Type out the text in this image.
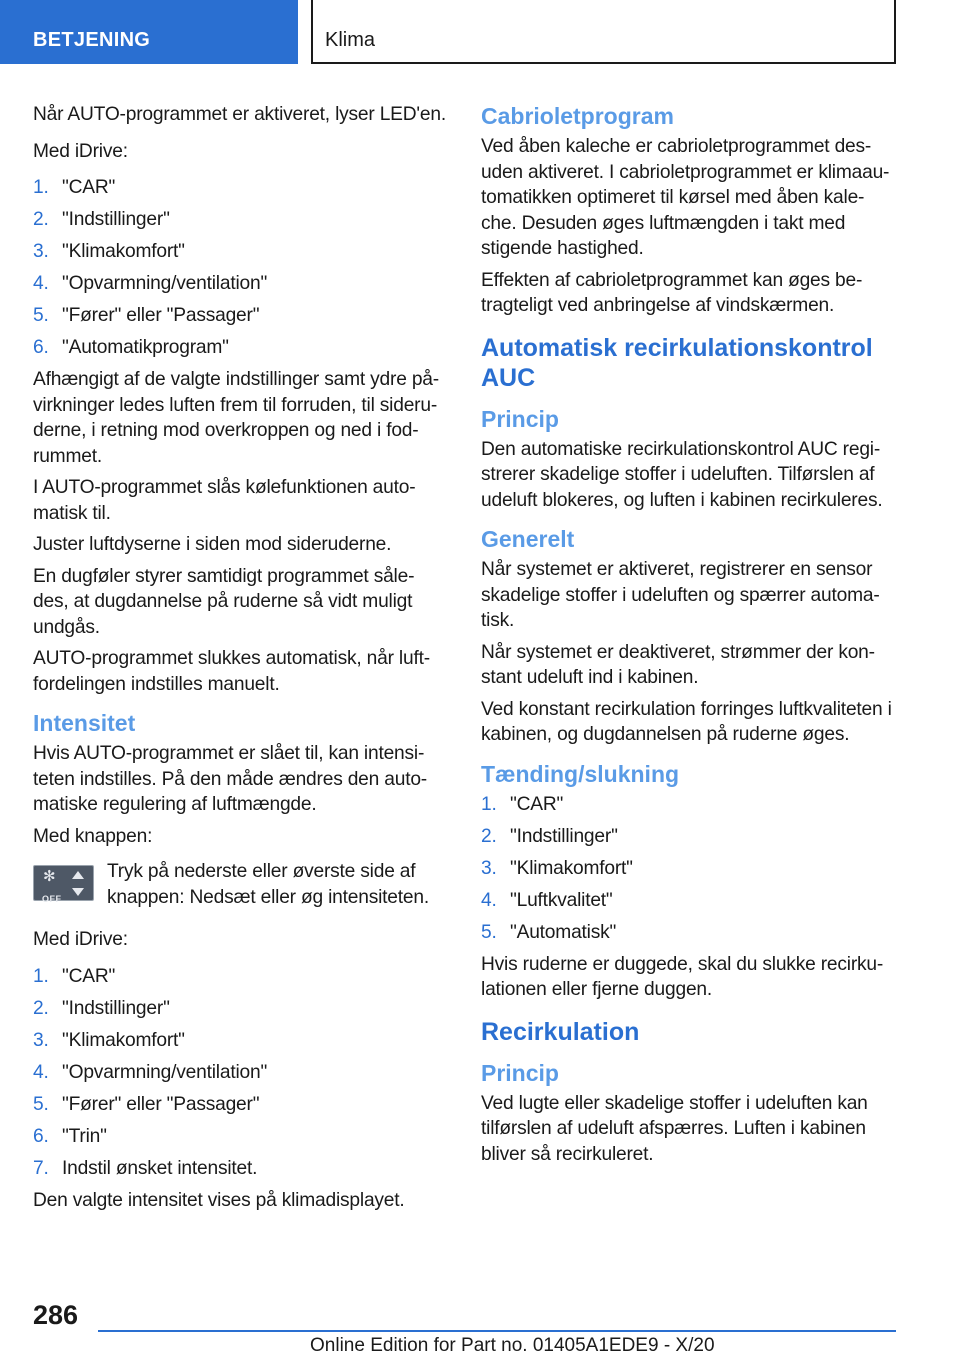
BETJENING	Klima

Når AUTO-programmet er aktiveret, lyser LED'en.

Med iDrive:

1. "CAR"
2. "Indstillinger"
3. "Klimakomfort"
4. "Opvarmning/ventilation"
5. "Fører" eller "Passager"
6. "Automatikprogram"

Afhængigt af de valgte indstillinger samt ydre på-virkninger ledes luften frem til forruden, til sideru-derne, i retning mod overkroppen og ned i fod-rummet.

I AUTO-programmet slås kølefunktionen auto-matisk til.

Juster luftdyserne i siden mod sideruderne.

En dugføler styrer samtidigt programmet såle-des, at dugdannelse på ruderne så vidt muligt undgås.

AUTO-programmet slukkes automatisk, når luft-fordelingen indstilles manuelt.

Intensitet

Hvis AUTO-programmet er slået til, kan intensi-teten indstilles. På den måde ændres den auto-matiske regulering af luftmængde.

Med knappen:

✻
OFF
Tryk på nederste eller øverste side af knappen: Nedsæt eller øg intensiteten.

Med iDrive:

1. "CAR"
2. "Indstillinger"
3. "Klimakomfort"
4. "Opvarmning/ventilation"
5. "Fører" eller "Passager"
6. "Trin"
7. Indstil ønsket intensitet.

Den valgte intensitet vises på klimadisplayet.

Cabrioletprogram

Ved åben kaleche er cabrioletprogrammet des-uden aktiveret. I cabrioletprogrammet er klimaau-tomatikken optimeret til kørsel med åben kale-che. Desuden øges luftmængden i takt med stigende hastighed.

Effekten af cabrioletprogrammet kan øges be-tragteligt ved anbringelse af vindskærmen.

Automatisk recirkulationskontrol AUC
Princip

Den automatiske recirkulationskontrol AUC regi-strerer skadelige stoffer i udeluften. Tilførslen af udeluft blokeres, og luften i kabinen recirkuleres.

Generelt

Når systemet er aktiveret, registrerer en sensor skadelige stoffer i udeluften og spærrer automa-tisk.

Når systemet er deaktiveret, strømmer der kon-stant udeluft ind i kabinen.

Ved konstant recirkulation forringes luftkvaliteten i kabinen, og dugdannelsen på ruderne øges.

Tænding/slukning
1. "CAR"
2. "Indstillinger"
3. "Klimakomfort"
4. "Luftkvalitet"
5. "Automatisk"

Hvis ruderne er duggede, skal du slukke recirku-lationen eller fjerne duggen.

Recirkulation
Princip

Ved lugte eller skadelige stoffer i udeluften kan tilførslen af udeluft afspærres. Luften i kabinen bliver så recirkuleret.

286
Online Edition for Part no. 01405A1EDE9 - X/20
